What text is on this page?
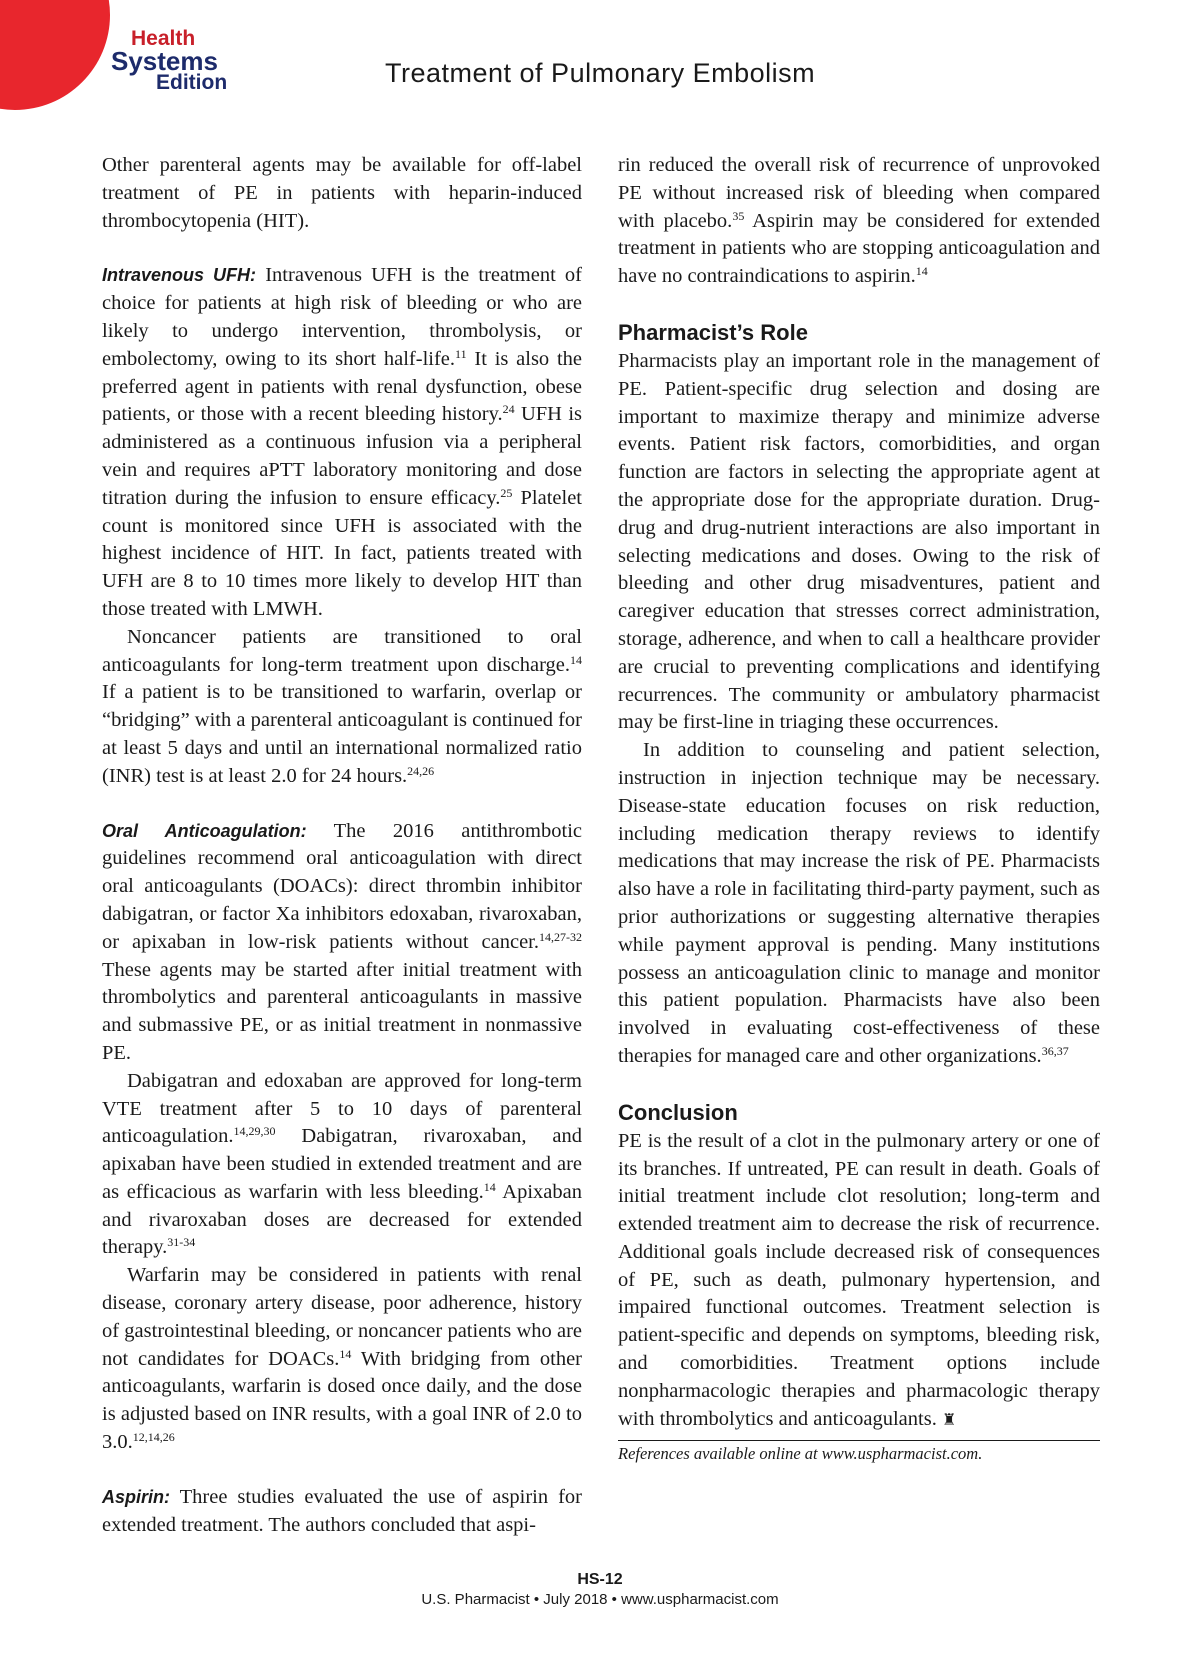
Health
Systems
Edition	Treatment of Pulmonary Embolism

Other parenteral agents may be available for off-label treatment of PE in patients with heparin-induced thrombocytopenia (HIT).

Intravenous UFH: Intravenous UFH is the treatment of choice for patients at high risk of bleeding or who are likely to undergo intervention, thrombolysis, or embolectomy, owing to its short half-life.$^{11}$ It is also the preferred agent in patients with renal dysfunction, obese patients, or those with a recent bleeding history.$^{24}$ UFH is administered as a continuous infusion via a peripheral vein and requires aPTT laboratory monitoring and dose titration during the infusion to ensure efficacy.$^{25}$ Platelet count is monitored since UFH is associated with the highest incidence of HIT. In fact, patients treated with UFH are 8 to 10 times more likely to develop HIT than those treated with LMWH.

Noncancer patients are transitioned to oral anticoagulants for long-term treatment upon discharge.$^{14}$ If a patient is to be transitioned to warfarin, overlap or “bridging” with a parenteral anticoagulant is continued for at least 5 days and until an international normalized ratio (INR) test is at least 2.0 for 24 hours.$^{24,26}$

Oral Anticoagulation: The 2016 antithrombotic guidelines recommend oral anticoagulation with direct oral anticoagulants (DOACs): direct thrombin inhibitor dabigatran, or factor Xa inhibitors edoxaban, rivaroxaban, or apixaban in low-risk patients without cancer.$^{14,27-32}$ These agents may be started after initial treatment with thrombolytics and parenteral anticoagulants in massive and submassive PE, or as initial treatment in nonmassive PE.

Dabigatran and edoxaban are approved for long-term VTE treatment after 5 to 10 days of parenteral anticoagulation.$^{14,29,30}$ Dabigatran, rivaroxaban, and apixaban have been studied in extended treatment and are as efficacious as warfarin with less bleeding.$^{14}$ Apixaban and rivaroxaban doses are decreased for extended therapy.$^{31-34}$

Warfarin may be considered in patients with renal disease, coronary artery disease, poor adherence, history of gastrointestinal bleeding, or noncancer patients who are not candidates for DOACs.$^{14}$ With bridging from other anticoagulants, warfarin is dosed once daily, and the dose is adjusted based on INR results, with a goal INR of 2.0 to 3.0.$^{12,14,26}$

Aspirin: Three studies evaluated the use of aspirin for extended treatment. The authors concluded that aspi-

rin reduced the overall risk of recurrence of unprovoked PE without increased risk of bleeding when compared with placebo.$^{35}$ Aspirin may be considered for extended treatment in patients who are stopping anticoagulation and have no contraindications to aspirin.$^{14}$

Pharmacist’s Role

Pharmacists play an important role in the management of PE. Patient-specific drug selection and dosing are important to maximize therapy and minimize adverse events. Patient risk factors, comorbidities, and organ function are factors in selecting the appropriate agent at the appropriate dose for the appropriate duration. Drug-drug and drug-nutrient interactions are also important in selecting medications and doses. Owing to the risk of bleeding and other drug misadventures, patient and caregiver education that stresses correct administration, storage, adherence, and when to call a healthcare provider are crucial to preventing complications and identifying recurrences. The community or ambulatory pharmacist may be first-line in triaging these occurrences.

In addition to counseling and patient selection, instruction in injection technique may be necessary. Disease-state education focuses on risk reduction, including medication therapy reviews to identify medications that may increase the risk of PE. Pharmacists also have a role in facilitating third-party payment, such as prior authorizations or suggesting alternative therapies while payment approval is pending. Many institutions possess an anticoagulation clinic to manage and monitor this patient population. Pharmacists have also been involved in evaluating cost-effectiveness of these therapies for managed care and other organizations.$^{36,37}$

Conclusion

PE is the result of a clot in the pulmonary artery or one of its branches. If untreated, PE can result in death. Goals of initial treatment include clot resolution; long-term and extended treatment aim to decrease the risk of recurrence. Additional goals include decreased risk of consequences of PE, such as death, pulmonary hypertension, and impaired functional outcomes. Treatment selection is patient-specific and depends on symptoms, bleeding risk, and comorbidities. Treatment options include nonpharmacologic therapies and pharmacologic therapy with thrombolytics and anticoagulants. ♜

References available online at www.uspharmacist.com.
HS-12
U.S. Pharmacist • July 2018 • www.uspharmacist.com
